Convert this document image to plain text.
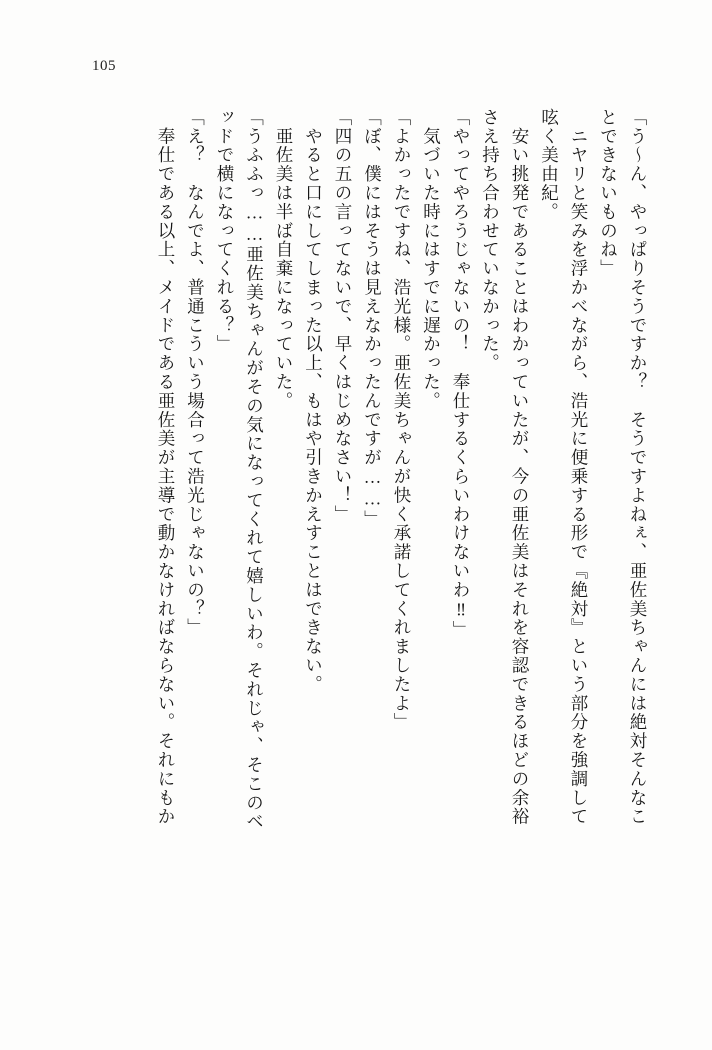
105
「う～ん、やっぱりそうですか？　そうですよねぇ、亜佐美ちゃんには絶対そんなこ
とできないものね」
　ニヤリと笑みを浮かべながら、浩光に便乗する形で『絶対』という部分を強調して
呟く美由紀。
　安い挑発であることはわかっていたが、今の亜佐美はそれを容認できるほどの余裕
さえ持ち合わせていなかった。
「やってやろうじゃないの！　奉仕するくらいわけないわ‼」
　気づいた時にはすでに遅かった。
「よかったですね、浩光様。亜佐美ちゃんが快く承諾してくれましたよ」
「ぼ、僕にはそうは見えなかったんですが……」
「四の五の言ってないで、早くはじめなさい！」
　やると口にしてしまった以上、もはや引きかえすことはできない。
　亜佐美は半ば自棄になっていた。
「うふふっ……亜佐美ちゃんがその気になってくれて嬉しいわ。それじゃ、そこのベ
ッドで横になってくれる？」
「え？　なんでよ、普通こういう場合って浩光じゃないの？」
　奉仕である以上、メイドである亜佐美が主導で動かなければならない。それにもか
